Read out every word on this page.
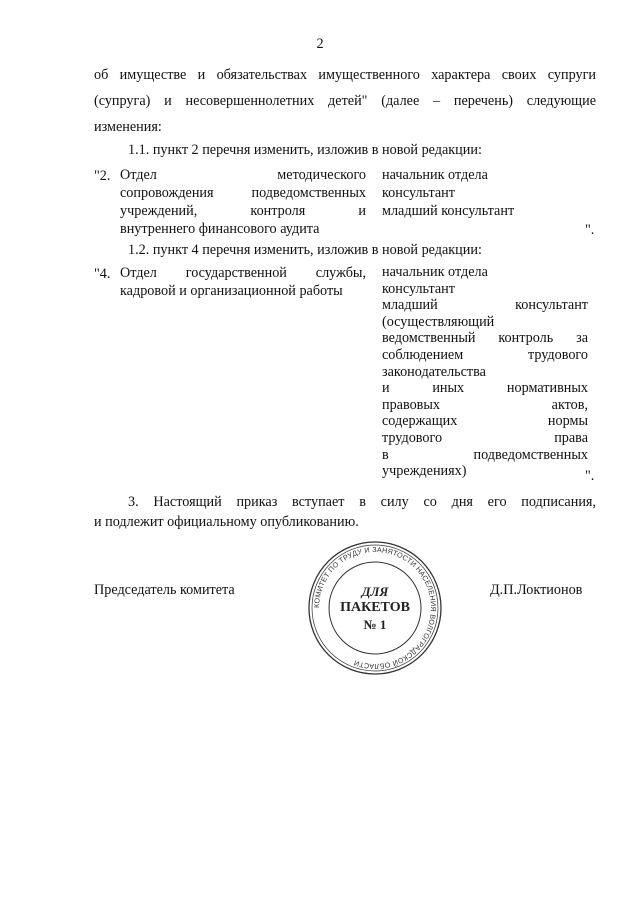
2
об имуществе и обязательствах имущественного характера своих супруги
(супруга) и несовершеннолетних детей" (далее – перечень) следующие
изменения:
1.1. пункт 2 перечня изменить, изложив в новой редакции:
"2. Отдел методического
сопровождения подведомственных
учреждений, контроля и
внутреннего финансового аудита
начальник отдела
консультант
младший консультант
".
1.2. пункт 4 перечня изменить, изложив в новой редакции:
"4. Отдел государственной службы,
кадровой и организационной работы
начальник отдела
консультант
младший консультант
(осуществляющий
ведомственный контроль за
соблюдением трудового
законодательства
и иных нормативных
правовых актов,
содержащих нормы
трудового права
в подведомственных
учреждениях)	".
3. Настоящий приказ вступает в силу со дня его подписания,
и подлежит официальному опубликованию.
Председатель комитета	Д.П.Локтионов
КОМИТЕТ ПО ТРУДУ И ЗАНЯТОСТИ НАСЕЛЕНИЯ ВОЛГОГРАДСКОЙ ОБЛАСТИ
ДЛЯ
ПАКЕТОВ
№ 1
